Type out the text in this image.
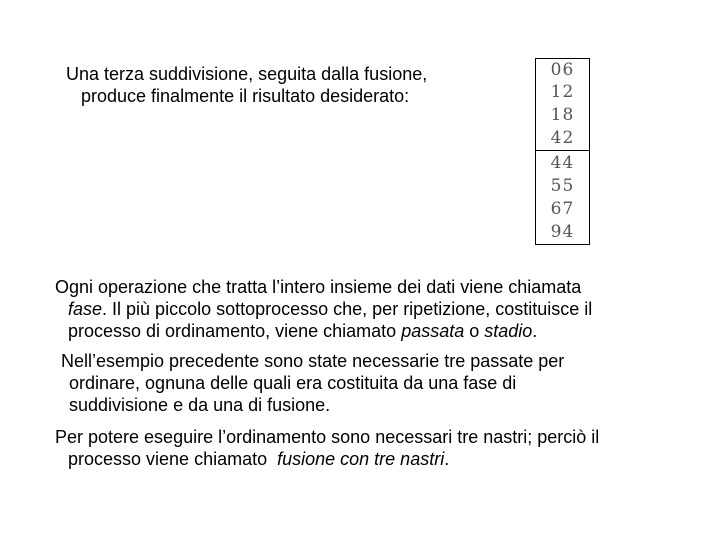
Una terza suddivisione, seguita dalla fusione,
produce finalmente il risultato desiderato:
06
12
18
42
44
55
67
94
Ogni operazione che tratta l’intero insieme dei dati viene chiamata
fase. Il più piccolo sottoprocesso che, per ripetizione, costituisce il
processo di ordinamento, viene chiamato passata o stadio.
Nell’esempio precedente sono state necessarie tre passate per
ordinare, ognuna delle quali era costituita da una fase di
suddivisione e da una di fusione.
Per potere eseguire l’ordinamento sono necessari tre nastri; perciò il
processo viene chiamato  fusione con tre nastri.
